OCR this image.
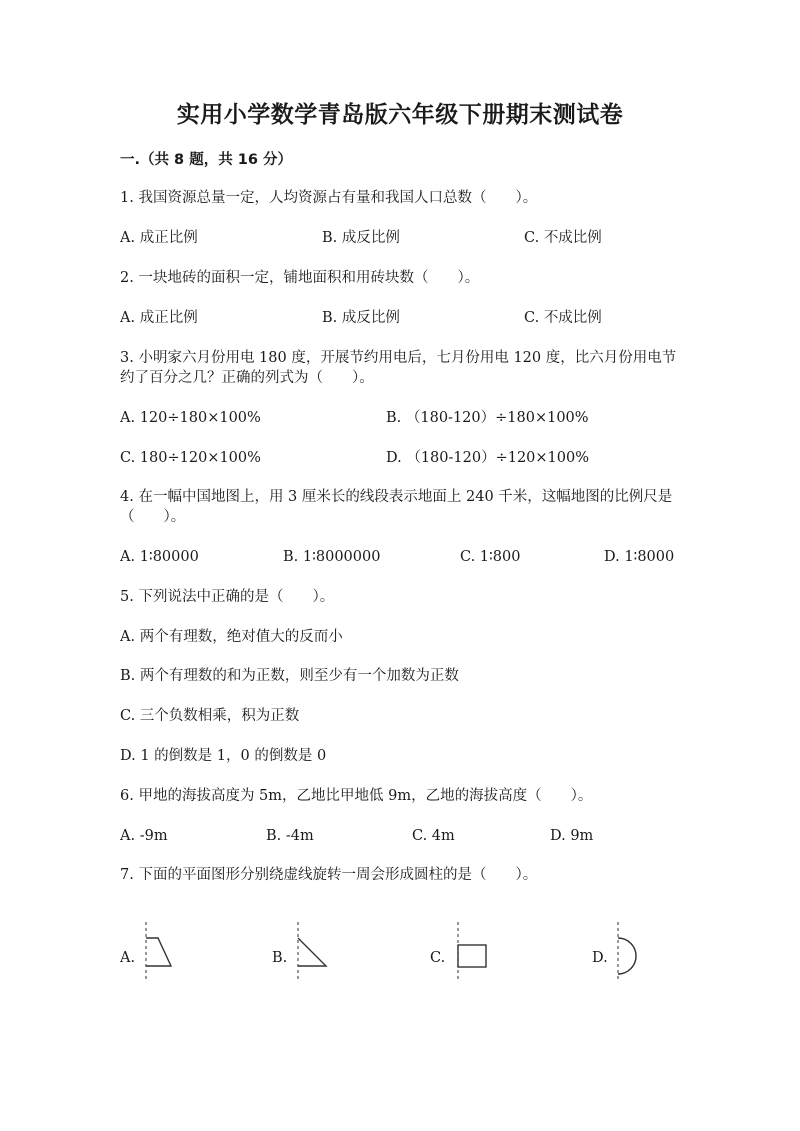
实用小学数学青岛版六年级下册期末测试卷
一.（共 8 题，共 16 分）
1. 我国资源总量一定，人均资源占有量和我国人口总数（　　）。
A. 成正比例	B. 成反比例	C. 不成比例
2. 一块地砖的面积一定，铺地面积和用砖块数（　　）。
A. 成正比例	B. 成反比例	C. 不成比例
3. 小明家六月份用电 180 度，开展节约用电后，七月份用电 120 度，比六月份用电节约了百分之几？正确的列式为（　　）。
A. 120÷180×100%	B. （180-120）÷180×100%
C. 180÷120×100%	D. （180-120）÷120×100%
4. 在一幅中国地图上，用 3 厘米长的线段表示地面上 240 千米，这幅地图的比例尺是（　　）。
A. 1∶80000	B. 1∶8000000	C. 1∶800	D. 1∶8000
5. 下列说法中正确的是（　　）。
A. 两个有理数，绝对值大的反而小
B. 两个有理数的和为正数，则至少有一个加数为正数
C. 三个负数相乘，积为正数
D. 1 的倒数是 1，0 的倒数是 0
6. 甲地的海拔高度为 5m，乙地比甲地低 9m，乙地的海拔高度（　　）。
A. -9m	B. -4m	C. 4m	D. 9m
7. 下面的平面图形分别绕虚线旋转一周会形成圆柱的是（　　）。
A.	B.	C.	D.
